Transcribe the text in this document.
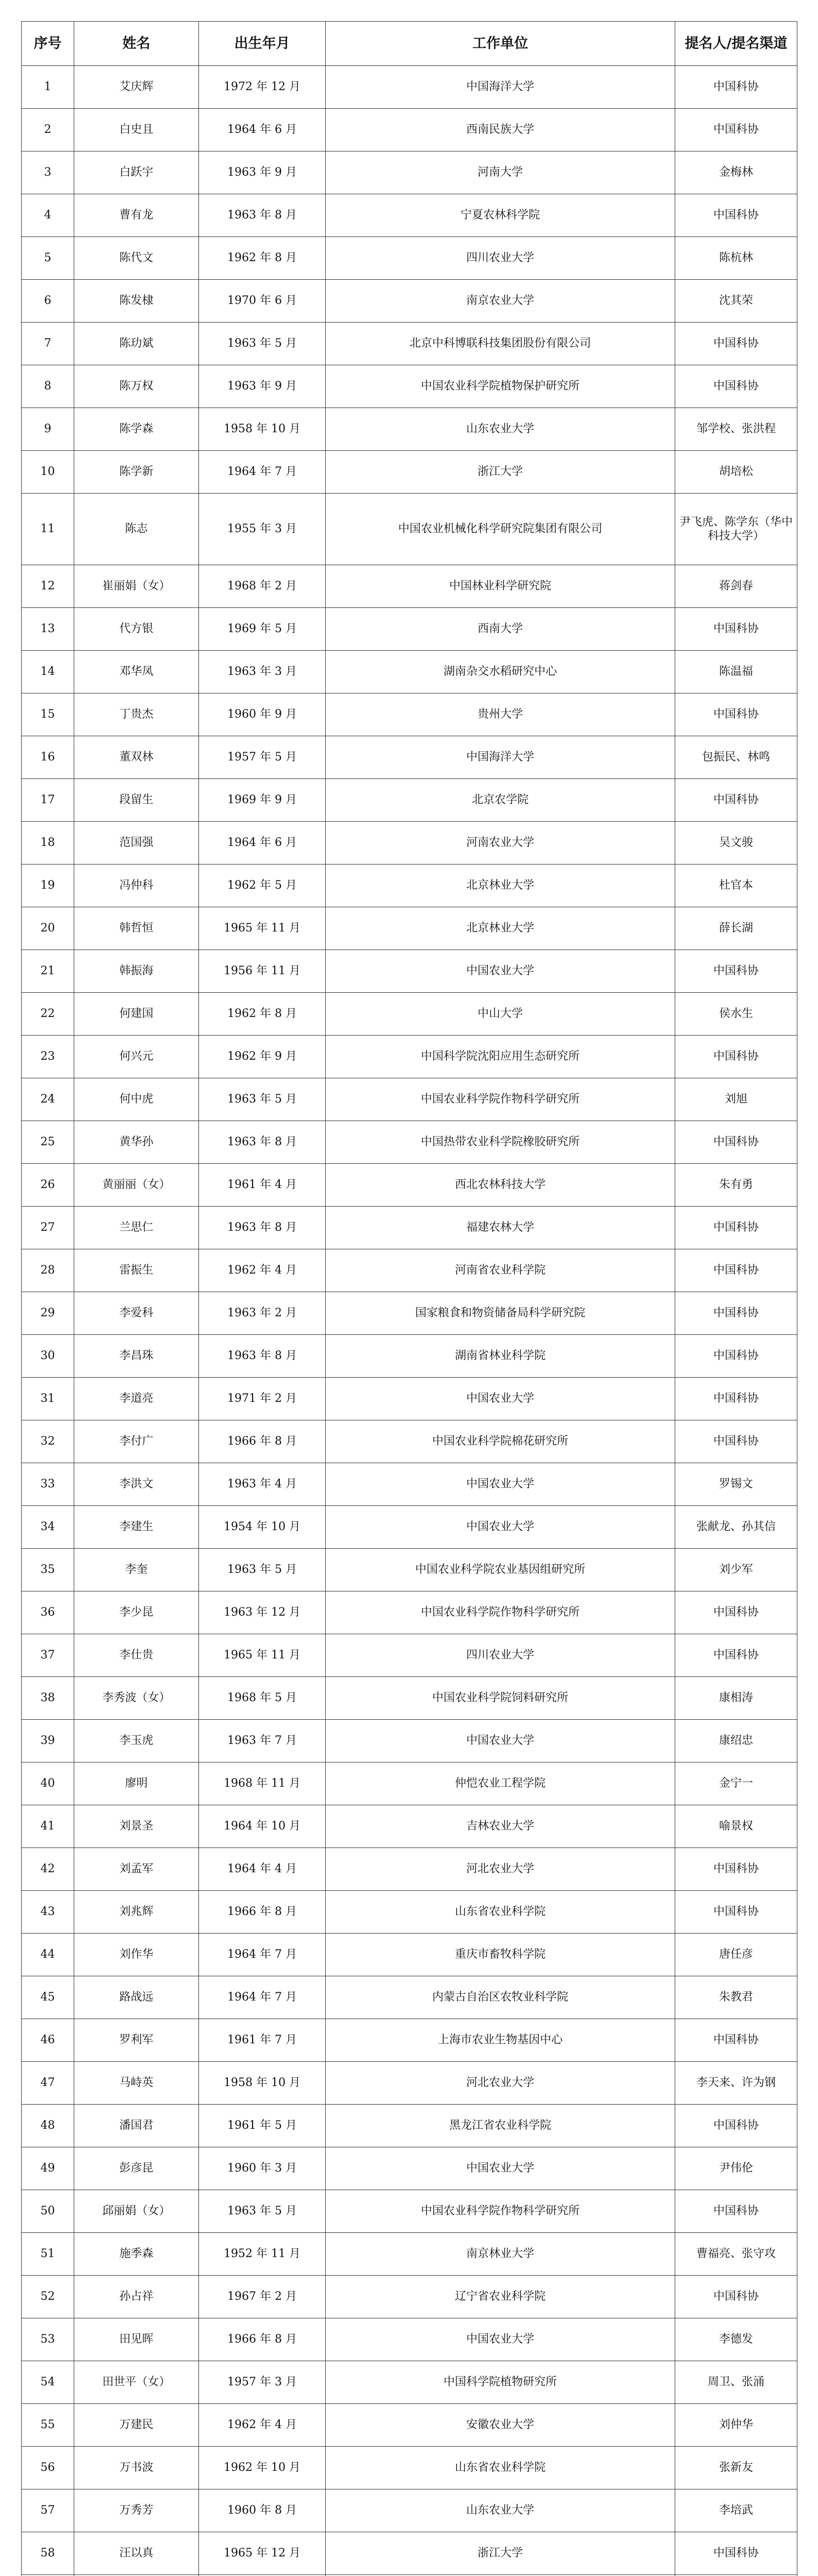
序号	姓名	出生年月	工作单位	提名人/提名渠道
1	艾庆辉	1972 年 12 月	中国海洋大学	中国科协
2	白史且	1964 年 6 月	西南民族大学	中国科协
3	白跃宇	1963 年 9 月	河南大学	金梅林
4	曹有龙	1963 年 8 月	宁夏农林科学院	中国科协
5	陈代文	1962 年 8 月	四川农业大学	陈杭林
6	陈发棣	1970 年 6 月	南京农业大学	沈其荣
7	陈玏斌	1963 年 5 月	北京中科博联科技集团股份有限公司	中国科协
8	陈万权	1963 年 9 月	中国农业科学院植物保护研究所	中国科协
9	陈学森	1958 年 10 月	山东农业大学	邹学校、张洪程
10	陈学新	1964 年 7 月	浙江大学	胡培松
11	陈志	1955 年 3 月	中国农业机械化科学研究院集团有限公司	尹飞虎、陈学东（华中科技大学）
12	崔丽娟（女）	1968 年 2 月	中国林业科学研究院	蒋剑春
13	代方银	1969 年 5 月	西南大学	中国科协
14	邓华凤	1963 年 3 月	湖南杂交水稻研究中心	陈温福
15	丁贵杰	1960 年 9 月	贵州大学	中国科协
16	董双林	1957 年 5 月	中国海洋大学	包振民、林鸣
17	段留生	1969 年 9 月	北京农学院	中国科协
18	范国强	1964 年 6 月	河南农业大学	吴文骏
19	冯仲科	1962 年 5 月	北京林业大学	杜官本
20	韩哲恒	1965 年 11 月	北京林业大学	薛长湖
21	韩振海	1956 年 11 月	中国农业大学	中国科协
22	何建国	1962 年 8 月	中山大学	侯水生
23	何兴元	1962 年 9 月	中国科学院沈阳应用生态研究所	中国科协
24	何中虎	1963 年 5 月	中国农业科学院作物科学研究所	刘旭
25	黄华孙	1963 年 8 月	中国热带农业科学院橡胶研究所	中国科协
26	黄丽丽（女）	1961 年 4 月	西北农林科技大学	朱有勇
27	兰思仁	1963 年 8 月	福建农林大学	中国科协
28	雷振生	1962 年 4 月	河南省农业科学院	中国科协
29	李爱科	1963 年 2 月	国家粮食和物资储备局科学研究院	中国科协
30	李昌珠	1963 年 8 月	湖南省林业科学院	中国科协
31	李道亮	1971 年 2 月	中国农业大学	中国科协
32	李付广	1966 年 8 月	中国农业科学院棉花研究所	中国科协
33	李洪文	1963 年 4 月	中国农业大学	罗锡文
34	李建生	1954 年 10 月	中国农业大学	张献龙、孙其信
35	李奎	1963 年 5 月	中国农业科学院农业基因组研究所	刘少军
36	李少昆	1963 年 12 月	中国农业科学院作物科学研究所	中国科协
37	李仕贵	1965 年 11 月	四川农业大学	中国科协
38	李秀波（女）	1968 年 5 月	中国农业科学院饲料研究所	康相涛
39	李玉虎	1963 年 7 月	中国农业大学	康绍忠
40	廖明	1968 年 11 月	仲恺农业工程学院	金宁一
41	刘景圣	1964 年 10 月	吉林农业大学	喻景权
42	刘孟军	1964 年 4 月	河北农业大学	中国科协
43	刘兆辉	1966 年 8 月	山东省农业科学院	中国科协
44	刘作华	1964 年 7 月	重庆市畜牧科学院	唐任彦
45	路战远	1964 年 7 月	内蒙古自治区农牧业科学院	朱教君
46	罗利军	1961 年 7 月	上海市农业生物基因中心	中国科协
47	马峙英	1958 年 10 月	河北农业大学	李天来、许为钢
48	潘国君	1961 年 5 月	黑龙江省农业科学院	中国科协
49	彭彦昆	1960 年 3 月	中国农业大学	尹伟伦
50	邱丽娟（女）	1963 年 5 月	中国农业科学院作物科学研究所	中国科协
51	施季森	1952 年 11 月	南京林业大学	曹福亮、张守攻
52	孙占祥	1967 年 2 月	辽宁省农业科学院	中国科协
53	田见晖	1966 年 8 月	中国农业大学	李德发
54	田世平（女）	1957 年 3 月	中国科学院植物研究所	周卫、张涌
55	万建民	1962 年 4 月	安徽农业大学	刘仲华
56	万书波	1962 年 10 月	山东省农业科学院	张新友
57	万秀芳	1960 年 8 月	山东农业大学	李培武
58	汪以真	1965 年 12 月	浙江大学	中国科协
